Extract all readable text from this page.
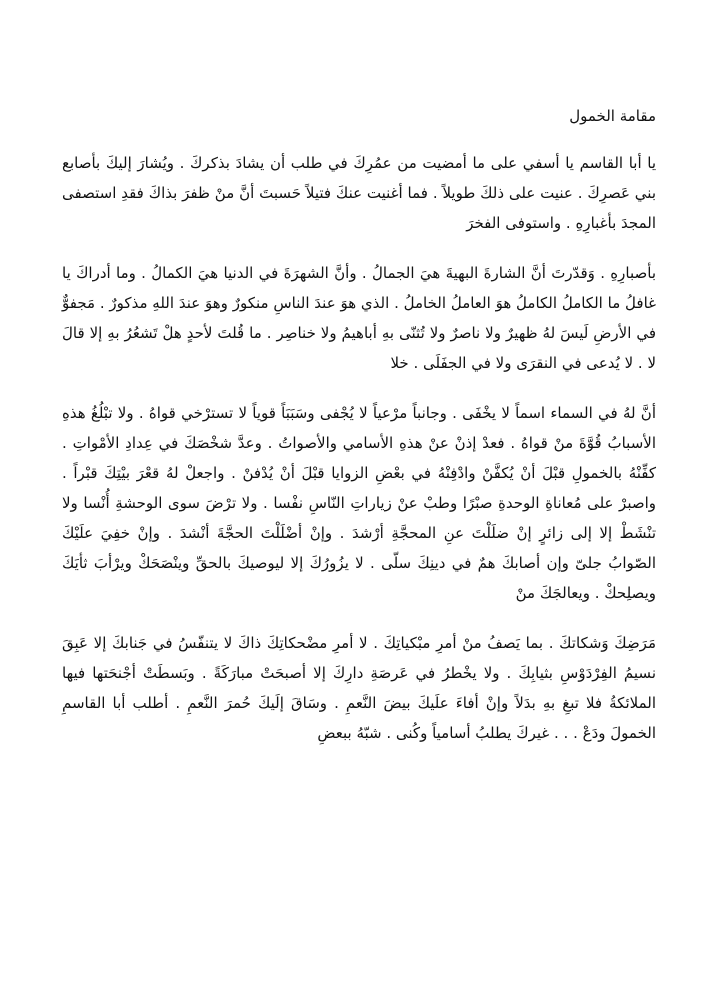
مقامة الخمول

يا أبا القاسم يا أسفي على ما أمضيت من عمُرِكَ في طلب أن يشادَ بذكركَ . ويُشارَ إليكَ بأصابع بني عَصرِكَ . عنيت على ذلكَ طويلاً . فما أغنيت عنكَ فتيلاً حَسبتَ أنَّ منْ ظفرَ بذاكَ فقدِ استصفى المجدَ بأغبارِهِ . واستوفى الفخرَ

بأصبارِهِ . وَقدّرتَ أنَّ الشارةَ البهيةَ هيَ الجمالُ . وأنَّ الشهرَةَ في الدنيا هيَ الكمالُ . وما أدراكَ يا غافلُ ما الكاملُ الكاملُ هوَ العاملُ الخاملُ . الذي هوَ عندَ الناسِ منكورٌ وهوَ عندَ اللهِ مذكورٌ . مَجفوٌّ في الأرضِ لَيسَ لهُ ظهيرٌ ولا ناصرٌ ولا تُثنّى بهِ أباهيمُ ولا خناصِر . ما قُلتَ لأحدٍ هلْ تَشعُرُ بهِ إلا قالَ لا . لا يُدعى في النقرَى ولا في الجفَلَى . خلا

أنَّ لهُ في السماء اسماً لا يخْفَى . وجانباً مرْعياً لا يُجْفى وسَبَبَاً قوياً لا تسترْخي قواهُ . ولا تبْلُغُ هذهِ الأسبابُ قُوَّةَ منْ قواهُ . فعدْ إذنْ عنْ هذهِ الأسامي والأصواتُ . وعدَّ شخْصَكَ في عِدادِ الأمْواتِ . كفِّنْهُ بالخمولِ قبْلَ أنْ يُكفَّنْ وادْفِنْهُ في بعْضِ الزوايا قبْلَ أنْ يُدْفنْ . واجعلْ لهُ قعْرَ بيْتِكَ قبْراً . واصبرْ على مُعاناةِ الوحدةِ صبْرًا وطبْ عنْ زياراتِ النّاسِ نفْسا . ولا ترْضَ سوى الوحشةِ أُنْسا ولا تنْشَطْ إلا إلى زائرٍ إنْ ضلَلْتَ عنِ المحجَّةِ أرْشدَ . وإنْ أضْلَلْتَ الحجَّةَ أنْشدَ . وإنْ خفِيَ علَيْكَ الصّوابُ جلىّ وإن أصابكَ همٌ في دينِكَ سلّى . لا يزُورُكَ إلا ليوصيكَ بالحقِّ وينْصَحَكْ ويرْأبَ ثأيَكَ ويصلِحكْ . ويعالجَكَ منْ

مَرَضِكَ وَشكاتكَ . بما يَصفُ منْ أمرِ مبْكياتِكَ . لا أمرِ مضْحكاتِكَ ذاكَ لا يتنفّسُ في جَنابكَ إلا عَبِقَ نسيمُ الفِرْدَوْسِ بثيابِكَ . ولا يخْطرُ في عَرصَةِ دارِكَ إلا أصبحَتْ مبارَكَةً . وبَسطَتْ أجْنحَتها فيها الملائكةُ فلا تبغِ بهِ بدَلاً وإنْ أفاءَ علَيكَ بيضَ النَّعمِ . وسَاقَ إلَيكَ حُمرَ النَّعمِ . أطلب أبا القاسمِ الخمولَ ودَعْ . . . غيركَ يطلبُ أسامياً وكُنى . شبّهُ ببعضِ
